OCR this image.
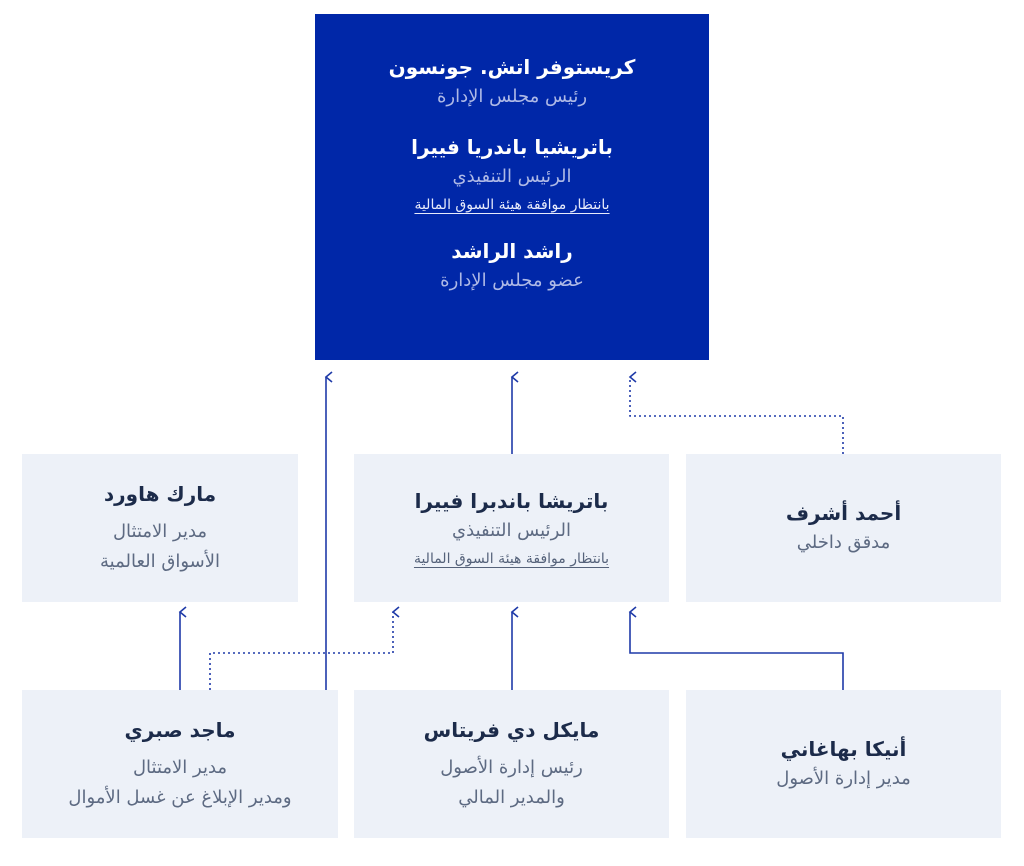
كريستوفر اتش. جونسون
رئيس مجلس الإدارة
باتريشيا باندريا فييرا
الرئيس التنفيذي
بانتظار موافقة هيئة السوق المالية
راشد الراشد
عضو مجلس الإدارة
أحمد أشرف
مدقق داخلي
باتريشا باندبرا فييرا
الرئيس التنفيذي
بانتظار موافقة هيئة السوق المالية
مارك هاورد
مدير الامتثال
الأسواق العالمية
أنيكا بهاغاني
مدير إدارة الأصول
مايكل دي فريتاس
رئيس إدارة الأصول
والمدير المالي
ماجد صبري
مدير الامتثال
ومدير الإبلاغ عن غسل الأموال
